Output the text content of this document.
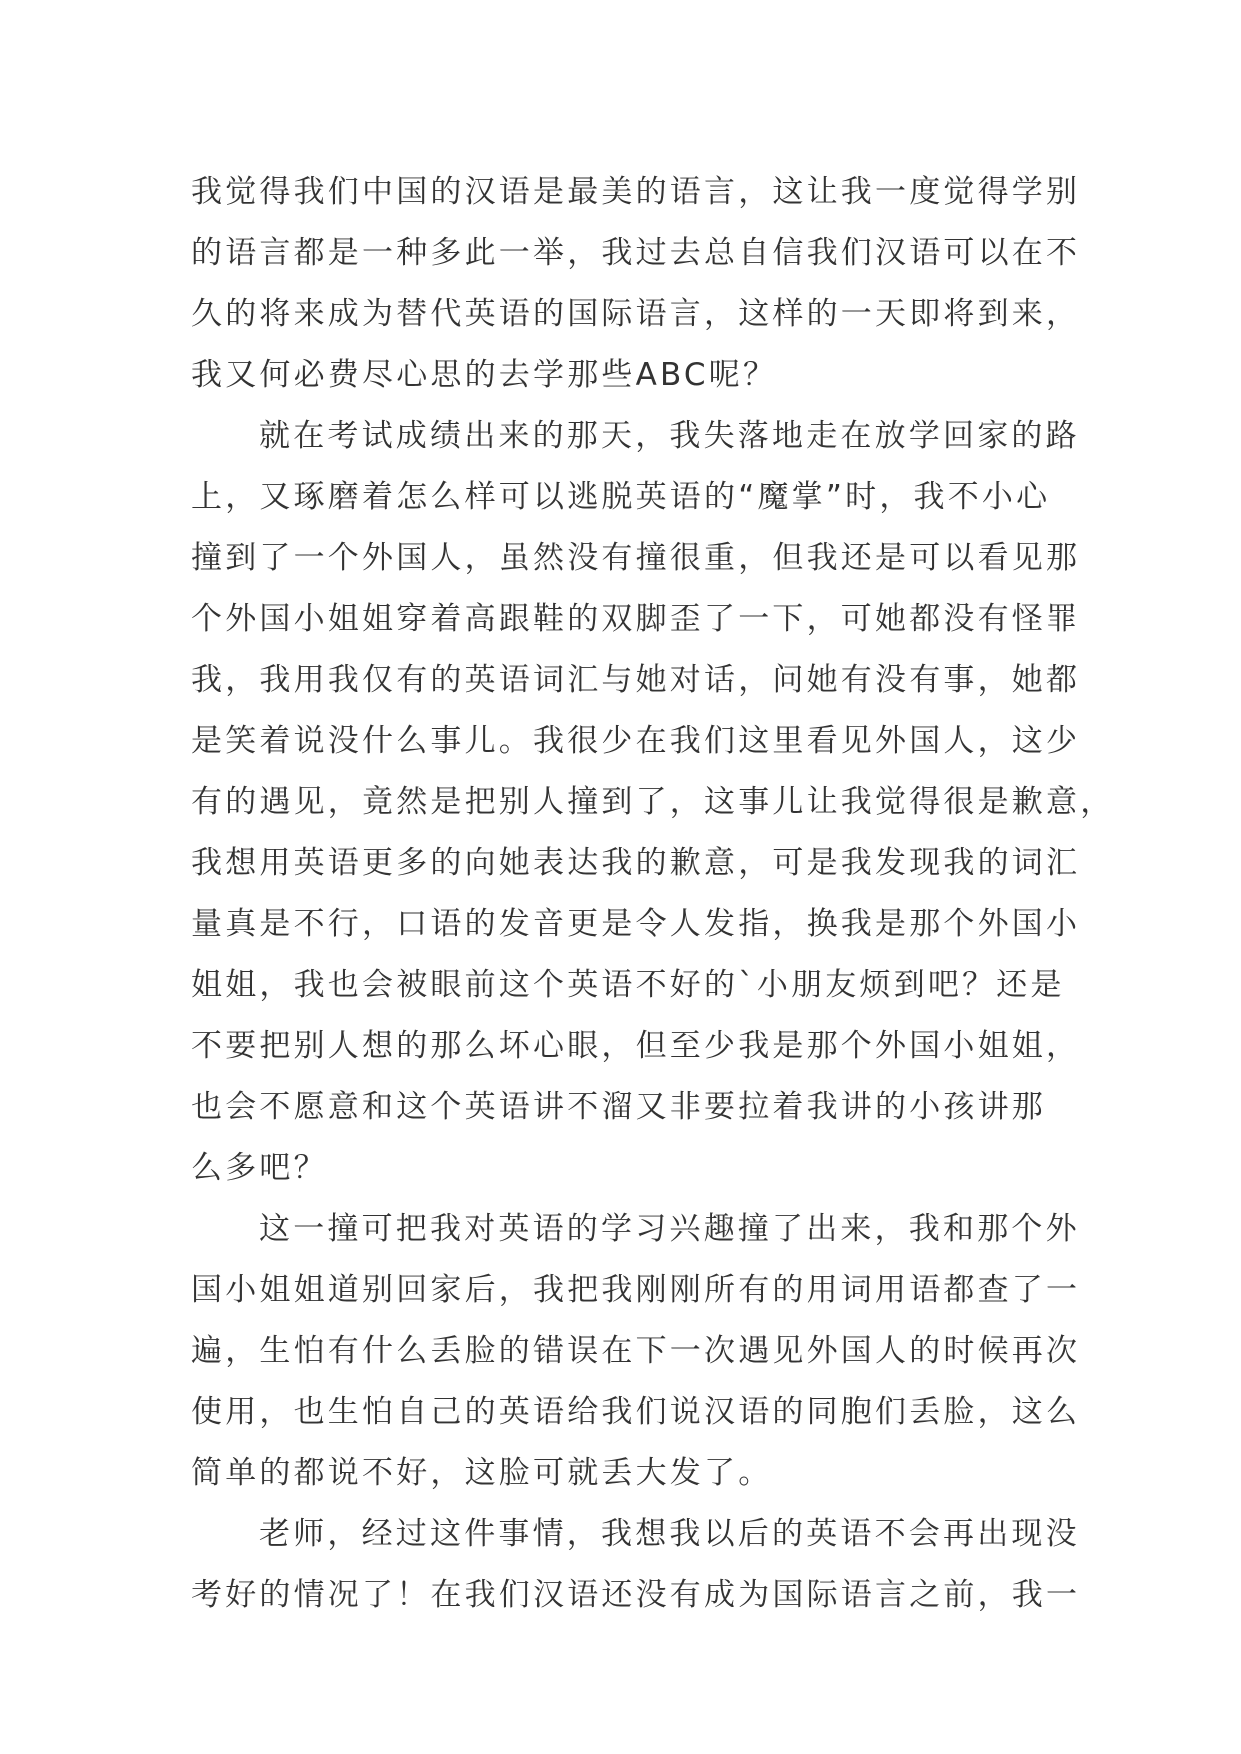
我觉得我们中国的汉语是最美的语言，这让我一度觉得学别
的语言都是一种多此一举，我过去总自信我们汉语可以在不
久的将来成为替代英语的国际语言，这样的一天即将到来，
我又何必费尽心思的去学那些ABC呢？
就在考试成绩出来的那天，我失落地走在放学回家的路
上，又琢磨着怎么样可以逃脱英语的“魔掌”时，我不小心
撞到了一个外国人，虽然没有撞很重，但我还是可以看见那
个外国小姐姐穿着高跟鞋的双脚歪了一下，可她都没有怪罪
我，我用我仅有的英语词汇与她对话，问她有没有事，她都
是笑着说没什么事儿。我很少在我们这里看见外国人，这少
有的遇见，竟然是把别人撞到了，这事儿让我觉得很是歉意，
我想用英语更多的向她表达我的歉意，可是我发现我的词汇
量真是不行，口语的发音更是令人发指，换我是那个外国小
姐姐，我也会被眼前这个英语不好的`小朋友烦到吧？还是
不要把别人想的那么坏心眼，但至少我是那个外国小姐姐，
也会不愿意和这个英语讲不溜又非要拉着我讲的小孩讲那
么多吧？
这一撞可把我对英语的学习兴趣撞了出来，我和那个外
国小姐姐道别回家后，我把我刚刚所有的用词用语都查了一
遍，生怕有什么丢脸的错误在下一次遇见外国人的时候再次
使用，也生怕自己的英语给我们说汉语的同胞们丢脸，这么
简单的都说不好，这脸可就丢大发了。
老师，经过这件事情，我想我以后的英语不会再出现没
考好的情况了！在我们汉语还没有成为国际语言之前，我一
